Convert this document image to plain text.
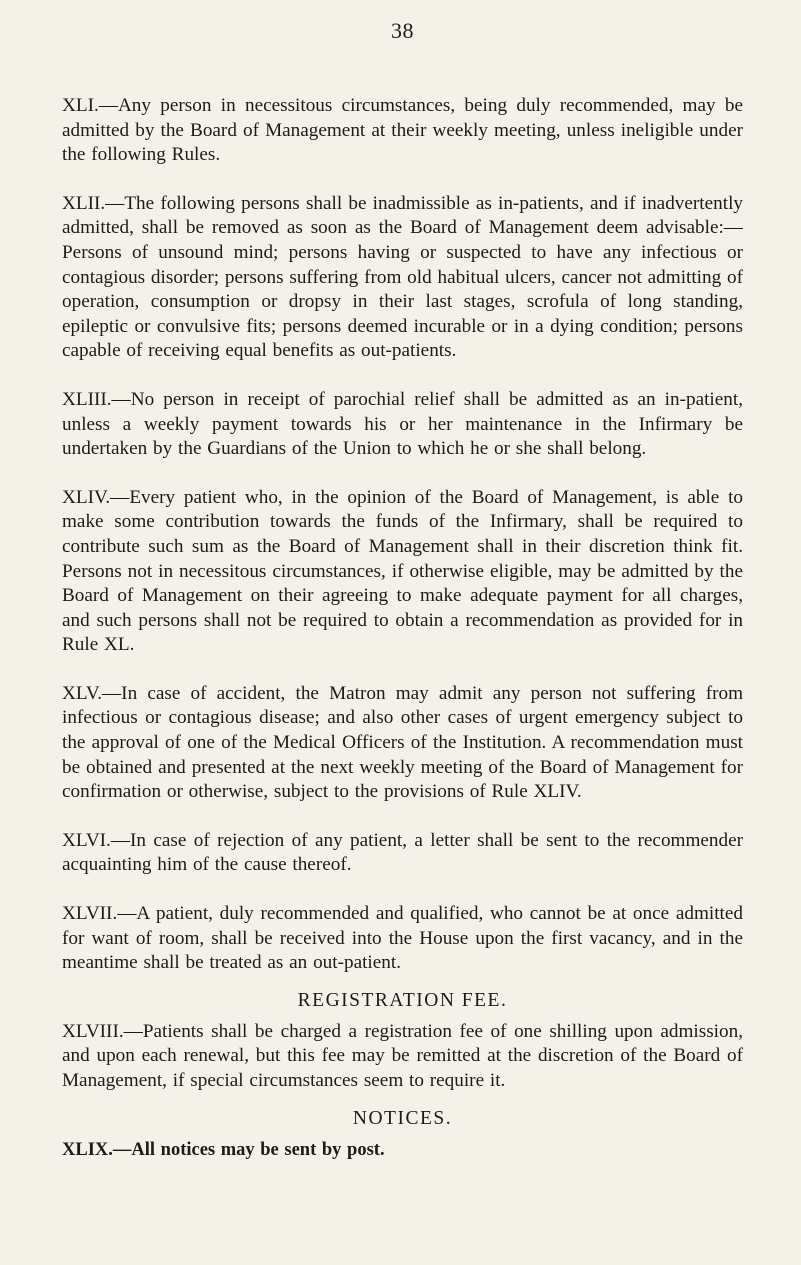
38

XLI.—Any person in necessitous circumstances, being duly recommended, may be admitted by the Board of Management at their weekly meeting, unless ineligible under the following Rules.

XLII.—The following persons shall be inadmissible as in-patients, and if inadvertently admitted, shall be removed as soon as the Board of Management deem advisable:—Persons of unsound mind; persons having or suspected to have any infectious or contagious disorder; persons suffering from old habitual ulcers, cancer not admitting of operation, consumption or dropsy in their last stages, scrofula of long standing, epileptic or convulsive fits; persons deemed incurable or in a dying condition; persons capable of receiving equal benefits as out-patients.

XLIII.—No person in receipt of parochial relief shall be admitted as an in-patient, unless a weekly payment towards his or her maintenance in the Infirmary be undertaken by the Guardians of the Union to which he or she shall belong.

XLIV.—Every patient who, in the opinion of the Board of Management, is able to make some contribution towards the funds of the Infirmary, shall be required to contribute such sum as the Board of Management shall in their discretion think fit. Persons not in necessitous circumstances, if otherwise eligible, may be admitted by the Board of Management on their agreeing to make adequate payment for all charges, and such persons shall not be required to obtain a recommendation as provided for in Rule XL.

XLV.—In case of accident, the Matron may admit any person not suffering from infectious or contagious disease; and also other cases of urgent emergency subject to the approval of one of the Medical Officers of the Institution. A recommendation must be obtained and presented at the next weekly meeting of the Board of Management for confirmation or otherwise, subject to the provisions of Rule XLIV.

XLVI.—In case of rejection of any patient, a letter shall be sent to the recommender acquainting him of the cause thereof.

XLVII.—A patient, duly recommended and qualified, who cannot be at once admitted for want of room, shall be received into the House upon the first vacancy, and in the meantime shall be treated as an out-patient.

REGISTRATION FEE.

XLVIII.—Patients shall be charged a registration fee of one shilling upon admission, and upon each renewal, but this fee may be remitted at the discretion of the Board of Management, if special circumstances seem to require it.

NOTICES.

XLIX.—All notices may be sent by post.
